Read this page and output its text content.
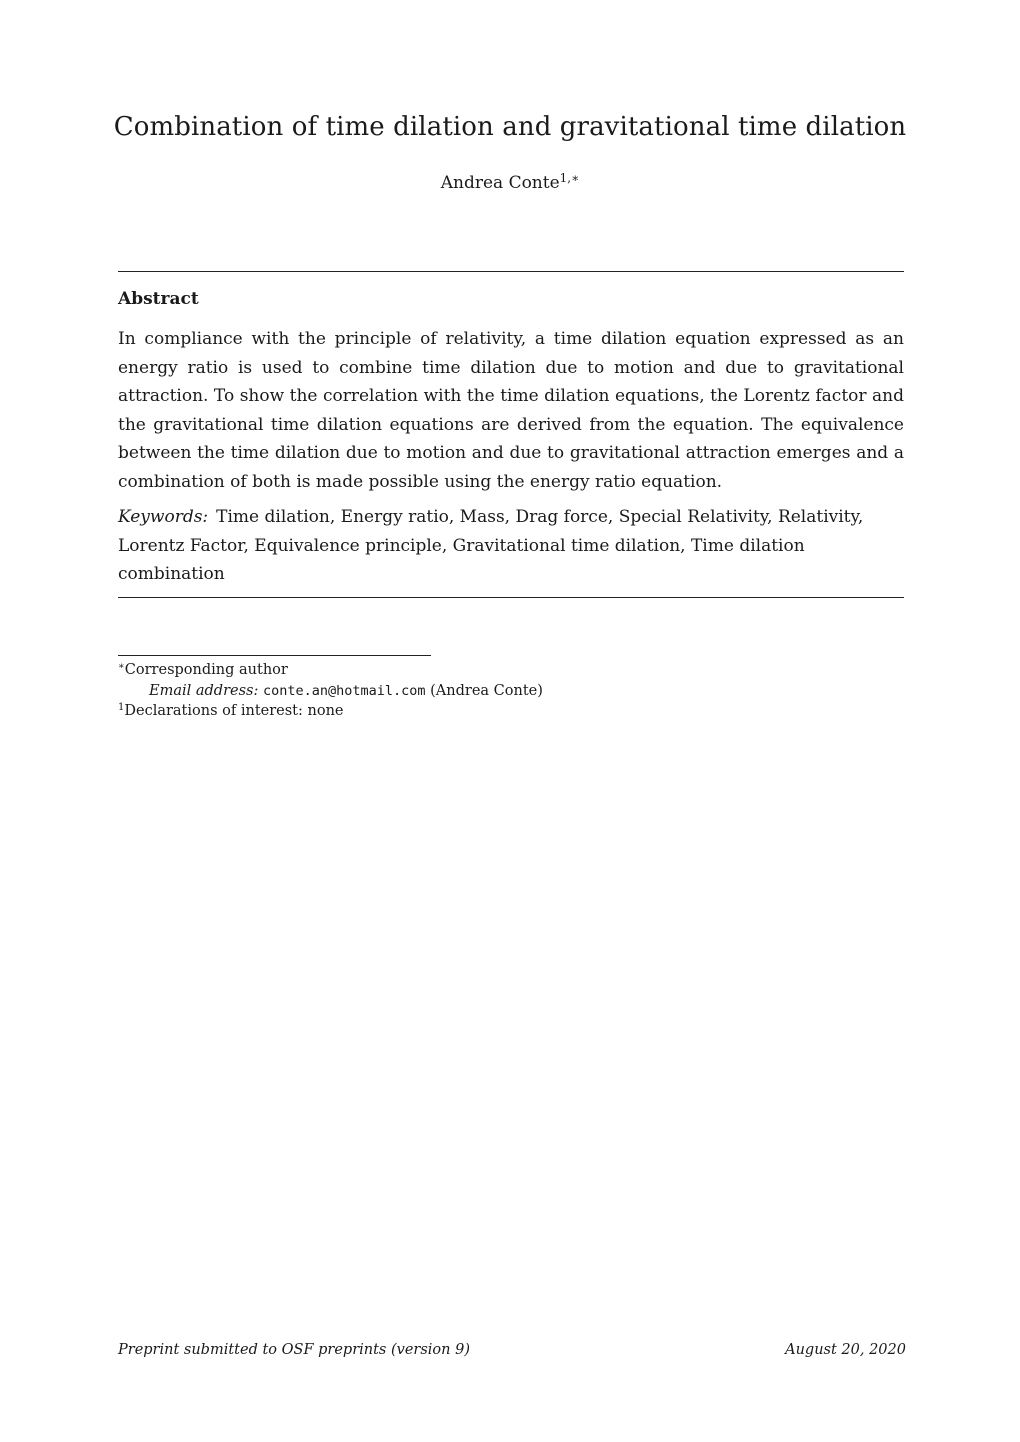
Combination of time dilation and gravitational time dilation
Andrea Conte$^{1,∗}$
Abstract

In compliance with the principle of relativity, a time dilation equation expressed as an energy ratio is used to combine time dilation due to motion and due to gravitational attraction. To show the correlation with the time dilation equations, the Lorentz factor and the gravitational time dilation equations are derived from the equation. The equivalence between the time dilation due to motion and due to gravitational attraction emerges and a combination of both is made possible using the energy ratio equation.

Keywords: Time dilation, Energy ratio, Mass, Drag force, Special Relativity, Relativity, Lorentz Factor, Equivalence principle, Gravitational time dilation, Time dilation combination

∗Corresponding author
Email address: conte.an@hotmail.com (Andrea Conte)
$^1$Declarations of interest: none
Preprint submitted to OSF preprints (version 9)	August 20, 2020
